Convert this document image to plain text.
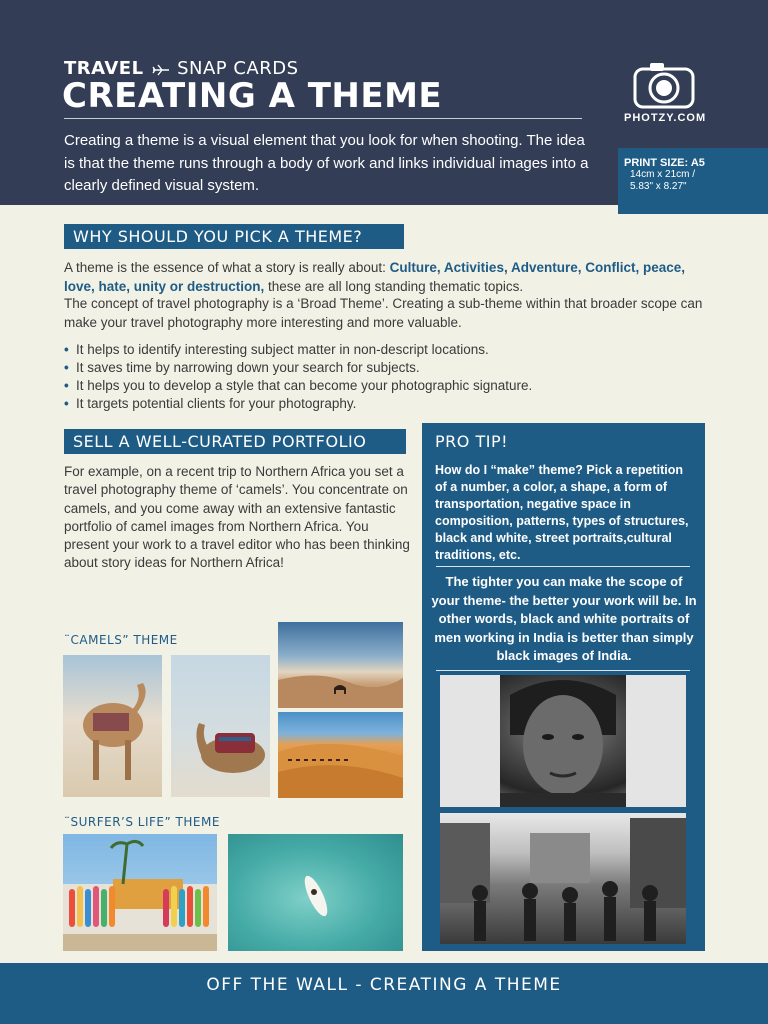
TRAVEL SNAP CARDS
CREATING A THEME
Creating a theme is a visual element that you look for when shooting. The idea is that the theme runs through a body of work and links individual images into a clearly defined visual system.
PHOTZY.COM
PRINT SIZE: A5
14cm x 21cm /
5.83" x 8.27"
WHY SHOULD YOU PICK A THEME?
A theme is the essence of what a story is really about: Culture, Activities, Adventure, Conflict, peace, love, hate, unity or destruction, these are all long standing thematic topics.
The concept of travel photography is a ‘Broad Theme’. Creating a sub-theme within that broader scope can make your travel photography more interesting and more valuable.
• It helps to identify interesting subject matter in non-descript locations.
• It saves time by narrowing down your search for subjects.
• It helps you to develop a style that can become your photographic signature.
• It targets potential clients for your photography.
SELL A WELL-CURATED PORTFOLIO
For example, on a recent trip to Northern Africa you set a travel photography theme of ‘camels’. You concentrate on camels, and you come away with an extensive fantastic portfolio of camel images from Northern Africa. You present your work to a travel editor who has been thinking about story ideas for Northern Africa!
¨CAMELS” THEME
¨SURFER’S LIFE” THEME
PRO TIP!
How do I “make” theme? Pick a repetition of a number, a color, a shape, a form of transportation, negative space in composition, patterns, types of structures, black and white, street portraits,cultural traditions, etc.
The tighter you can make the scope of your theme- the better your work will be. In other words, black and white portraits of men working in India is better than simply black images of India.
OFF THE WALL - CREATING A THEME
